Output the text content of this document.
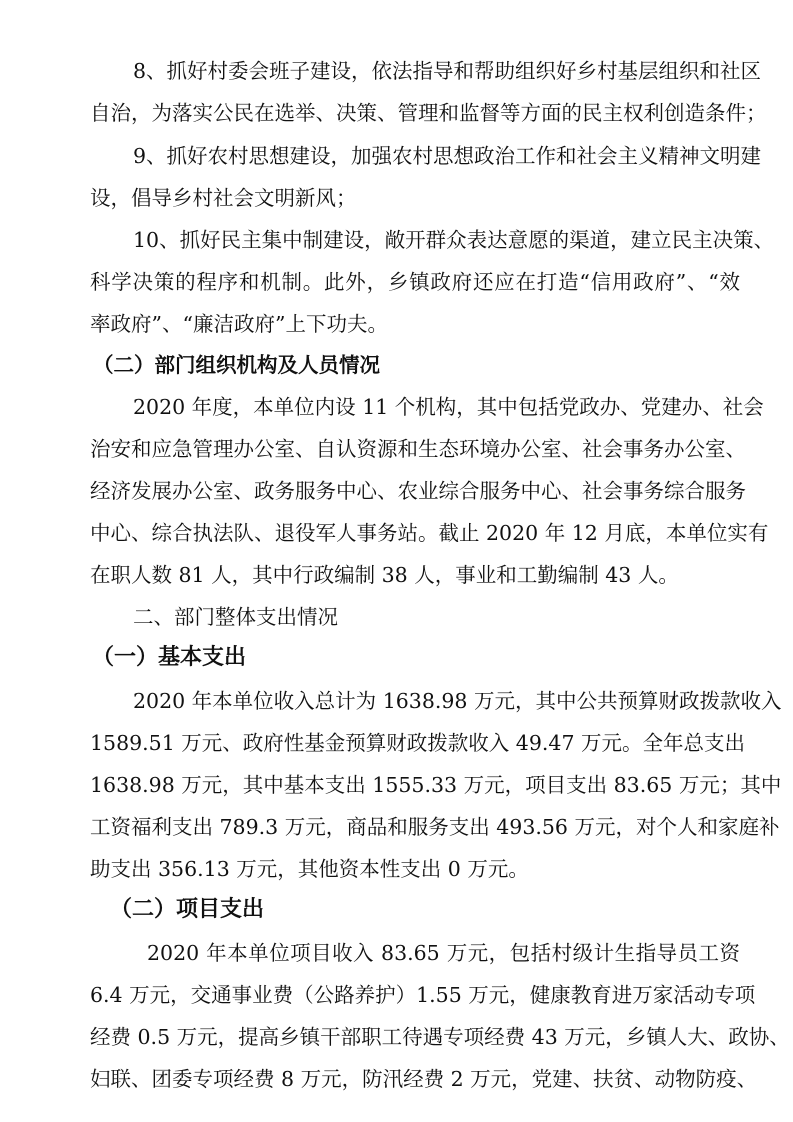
8、抓好村委会班子建设，依法指导和帮助组织好乡村基层组织和社区
自治，为落实公民在选举、决策、管理和监督等方面的民主权利创造条件；
9、抓好农村思想建设，加强农村思想政治工作和社会主义精神文明建
设，倡导乡村社会文明新风；
10、抓好民主集中制建设，敞开群众表达意愿的渠道，建立民主决策、
科学决策的程序和机制。此外，乡镇政府还应在打造“信用政府”、“效
率政府”、“廉洁政府”上下功夫。
（二）部门组织机构及人员情况
2020 年度，本单位内设 11 个机构，其中包括党政办、党建办、社会
治安和应急管理办公室、自认资源和生态环境办公室、社会事务办公室、
经济发展办公室、政务服务中心、农业综合服务中心、社会事务综合服务
中心、综合执法队、退役军人事务站。截止 2020 年 12 月底，本单位实有
在职人数 81 人，其中行政编制 38 人，事业和工勤编制 43 人。
二、部门整体支出情况
（一）基本支出
2020 年本单位收入总计为 1638.98 万元，其中公共预算财政拨款收入
1589.51 万元、政府性基金预算财政拨款收入 49.47 万元。全年总支出
1638.98 万元，其中基本支出 1555.33 万元，项目支出 83.65 万元；其中
工资福利支出 789.3 万元，商品和服务支出 493.56 万元，对个人和家庭补
助支出 356.13 万元，其他资本性支出 0 万元。
（二）项目支出
2020 年本单位项目收入 83.65 万元，包括村级计生指导员工资
6.4 万元，交通事业费（公路养护）1.55 万元，健康教育进万家活动专项
经费 0.5 万元，提高乡镇干部职工待遇专项经费 43 万元，乡镇人大、政协、
妇联、团委专项经费 8 万元，防汛经费 2 万元，党建、扶贫、动物防疫、
